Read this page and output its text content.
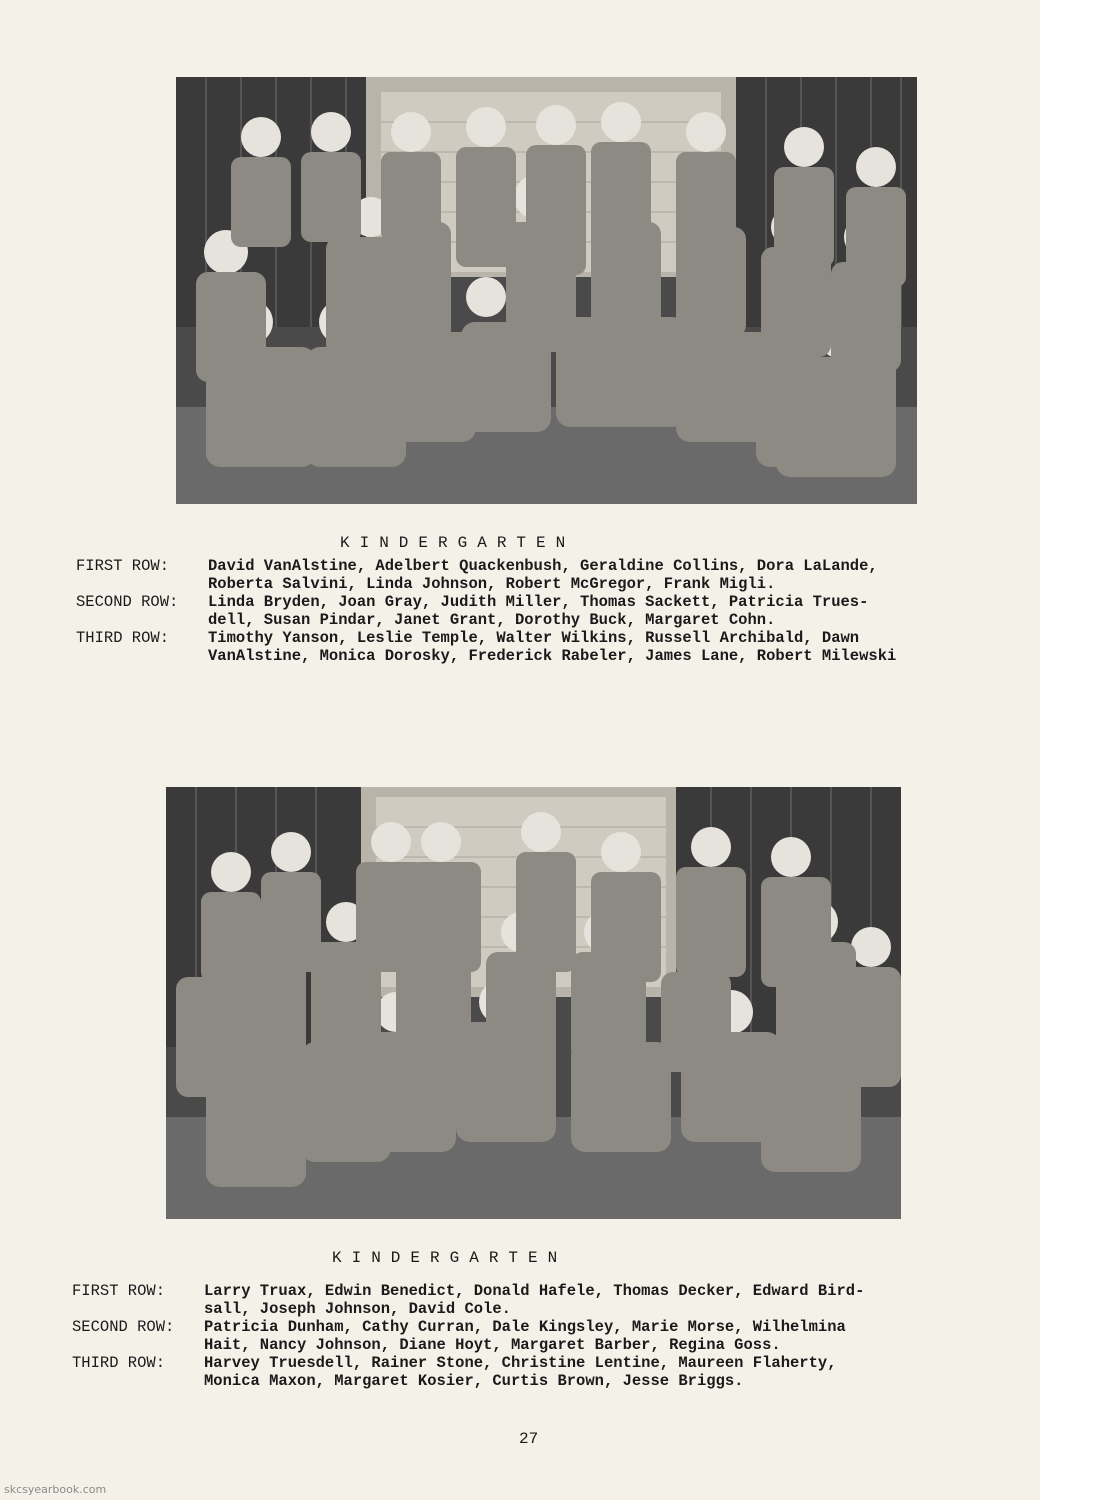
KINDERGARTEN
FIRST ROW:	David VanAlstine, Adelbert Quackenbush, Geraldine Collins, Dora LaLande,
Roberta Salvini, Linda Johnson, Robert McGregor, Frank Migli.
SECOND ROW:	Linda Bryden, Joan Gray, Judith Miller, Thomas Sackett, Patricia Trues-
dell, Susan Pindar, Janet Grant, Dorothy Buck, Margaret Cohn.
THIRD ROW:	Timothy Yanson, Leslie Temple, Walter Wilkins, Russell Archibald, Dawn
VanAlstine, Monica Dorosky, Frederick Rabeler, James Lane, Robert Milewski
KINDERGARTEN
FIRST ROW:	Larry Truax, Edwin Benedict, Donald Hafele, Thomas Decker, Edward Bird-
sall, Joseph Johnson, David Cole.
SECOND ROW:	Patricia Dunham, Cathy Curran, Dale Kingsley, Marie Morse, Wilhelmina
Hait, Nancy Johnson, Diane Hoyt, Margaret Barber, Regina Goss.
THIRD ROW:	Harvey Truesdell, Rainer Stone, Christine Lentine, Maureen Flaherty,
Monica Maxon, Margaret Kosier, Curtis Brown, Jesse Briggs.
27
skcsyearbook.com
